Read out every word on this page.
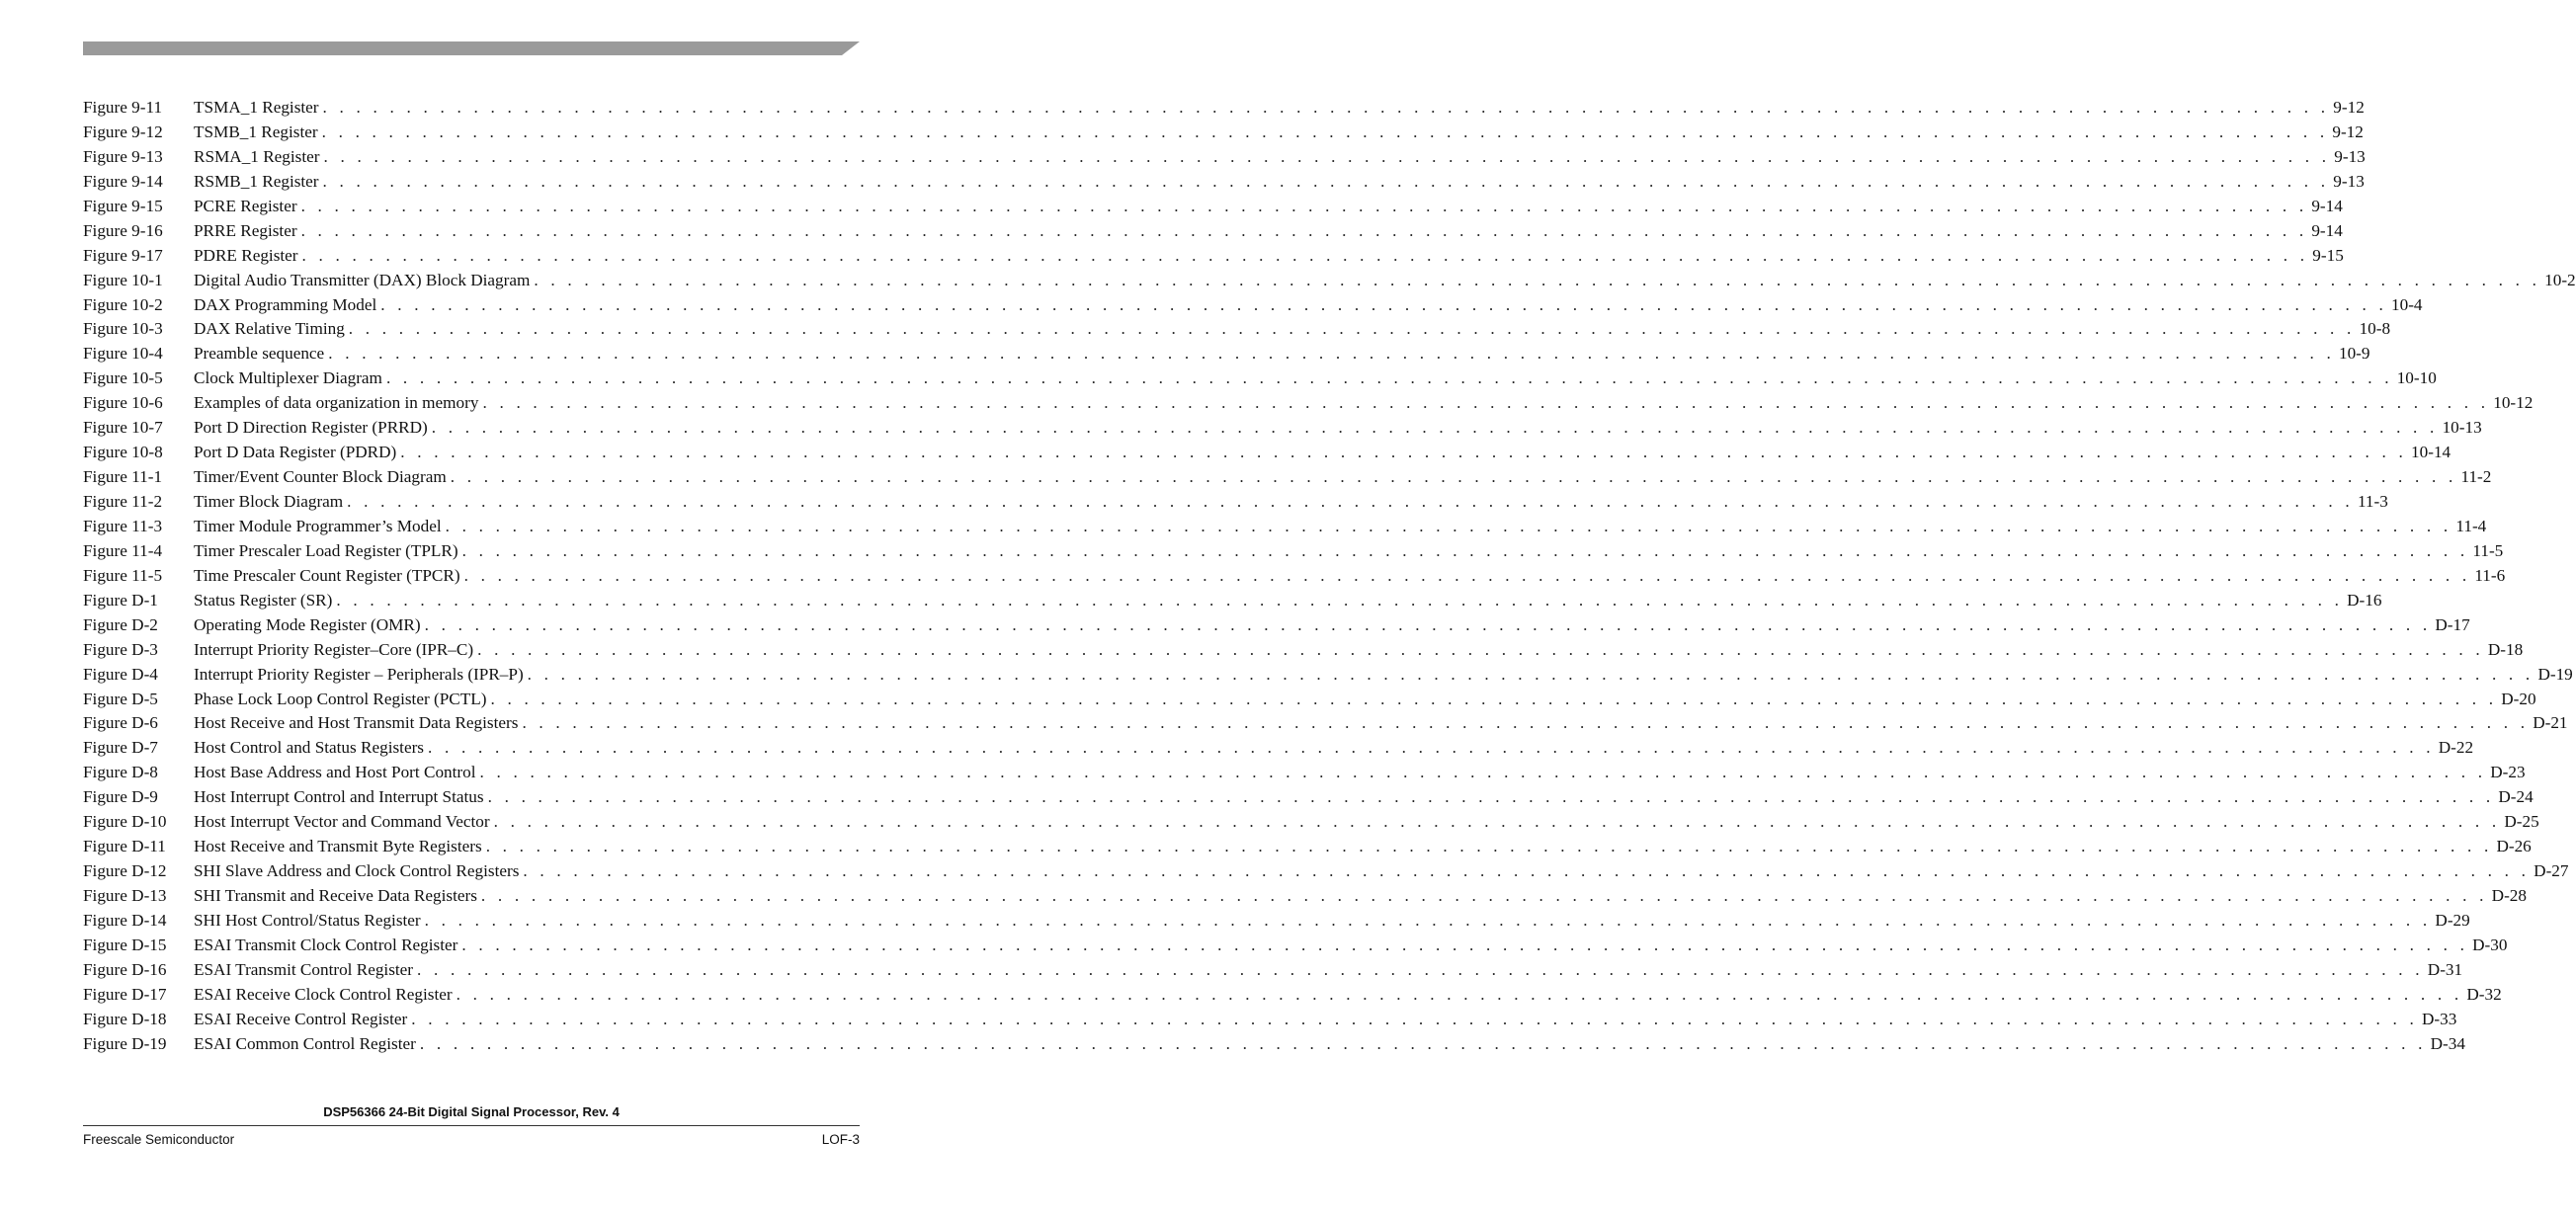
Figure 9-11	TSMA_1 Register . . . . . . . . . . . . . . . . . . . . . . . . . . . . . . . . . . . . . . . . . . . . . . . . . . . . . . . . . . . . . . . . . . . . . . . . . . . . . . . . . . . . . . . . . . . . . . . . . . . . . . . . . . . . . . . . . . . . . . . . 9-12
Figure 9-12	TSMB_1 Register . . . . . . . . . . . . . . . . . . . . . . . . . . . . . . . . . . . . . . . . . . . . . . . . . . . . . . . . . . . . . . . . . . . . . . . . . . . . . . . . . . . . . . . . . . . . . . . . . . . . . . . . . . . . . . . . . . . . . . . . 9-12
Figure 9-13	RSMA_1 Register . . . . . . . . . . . . . . . . . . . . . . . . . . . . . . . . . . . . . . . . . . . . . . . . . . . . . . . . . . . . . . . . . . . . . . . . . . . . . . . . . . . . . . . . . . . . . . . . . . . . . . . . . . . . . . . . . . . . . . . . 9-13
Figure 9-14	RSMB_1 Register . . . . . . . . . . . . . . . . . . . . . . . . . . . . . . . . . . . . . . . . . . . . . . . . . . . . . . . . . . . . . . . . . . . . . . . . . . . . . . . . . . . . . . . . . . . . . . . . . . . . . . . . . . . . . . . . . . . . . . . . 9-13
Figure 9-15	PCRE Register . . . . . . . . . . . . . . . . . . . . . . . . . . . . . . . . . . . . . . . . . . . . . . . . . . . . . . . . . . . . . . . . . . . . . . . . . . . . . . . . . . . . . . . . . . . . . . . . . . . . . . . . . . . . . . . . . . . . . . . . 9-14
Figure 9-16	PRRE Register . . . . . . . . . . . . . . . . . . . . . . . . . . . . . . . . . . . . . . . . . . . . . . . . . . . . . . . . . . . . . . . . . . . . . . . . . . . . . . . . . . . . . . . . . . . . . . . . . . . . . . . . . . . . . . . . . . . . . . . . 9-14
Figure 9-17	PDRE Register . . . . . . . . . . . . . . . . . . . . . . . . . . . . . . . . . . . . . . . . . . . . . . . . . . . . . . . . . . . . . . . . . . . . . . . . . . . . . . . . . . . . . . . . . . . . . . . . . . . . . . . . . . . . . . . . . . . . . . . . 9-15
Figure 10-1	Digital Audio Transmitter (DAX) Block Diagram . . . . . . . . . . . . . . . . . . . . . . . . . . . . . . . . . . . . . . . . . . . . . . . . . . . . . . . . . . . . . . . . . . . . . . . . . . . . . . . . . . . . . . . . . . . . . . . . . . . . . . . . . . . . . . . . . . . . . . . . 10-2
Figure 10-2	DAX Programming Model . . . . . . . . . . . . . . . . . . . . . . . . . . . . . . . . . . . . . . . . . . . . . . . . . . . . . . . . . . . . . . . . . . . . . . . . . . . . . . . . . . . . . . . . . . . . . . . . . . . . . . . . . . . . . . . . . . . . . . . . 10-4
Figure 10-3	DAX Relative Timing . . . . . . . . . . . . . . . . . . . . . . . . . . . . . . . . . . . . . . . . . . . . . . . . . . . . . . . . . . . . . . . . . . . . . . . . . . . . . . . . . . . . . . . . . . . . . . . . . . . . . . . . . . . . . . . . . . . . . . . . 10-8
Figure 10-4	Preamble sequence . . . . . . . . . . . . . . . . . . . . . . . . . . . . . . . . . . . . . . . . . . . . . . . . . . . . . . . . . . . . . . . . . . . . . . . . . . . . . . . . . . . . . . . . . . . . . . . . . . . . . . . . . . . . . . . . . . . . . . . . 10-9
Figure 10-5	Clock Multiplexer Diagram . . . . . . . . . . . . . . . . . . . . . . . . . . . . . . . . . . . . . . . . . . . . . . . . . . . . . . . . . . . . . . . . . . . . . . . . . . . . . . . . . . . . . . . . . . . . . . . . . . . . . . . . . . . . . . . . . . . . . . . . 10-10
Figure 10-6	Examples of data organization in memory . . . . . . . . . . . . . . . . . . . . . . . . . . . . . . . . . . . . . . . . . . . . . . . . . . . . . . . . . . . . . . . . . . . . . . . . . . . . . . . . . . . . . . . . . . . . . . . . . . . . . . . . . . . . . . . . . . . . . . . . 10-12
Figure 10-7	Port D Direction Register (PRRD) . . . . . . . . . . . . . . . . . . . . . . . . . . . . . . . . . . . . . . . . . . . . . . . . . . . . . . . . . . . . . . . . . . . . . . . . . . . . . . . . . . . . . . . . . . . . . . . . . . . . . . . . . . . . . . . . . . . . . . . . 10-13
Figure 10-8	Port D Data Register (PDRD) . . . . . . . . . . . . . . . . . . . . . . . . . . . . . . . . . . . . . . . . . . . . . . . . . . . . . . . . . . . . . . . . . . . . . . . . . . . . . . . . . . . . . . . . . . . . . . . . . . . . . . . . . . . . . . . . . . . . . . . . 10-14
Figure 11-1	Timer/Event Counter Block Diagram . . . . . . . . . . . . . . . . . . . . . . . . . . . . . . . . . . . . . . . . . . . . . . . . . . . . . . . . . . . . . . . . . . . . . . . . . . . . . . . . . . . . . . . . . . . . . . . . . . . . . . . . . . . . . . . . . . . . . . . . 11-2
Figure 11-2	Timer Block Diagram . . . . . . . . . . . . . . . . . . . . . . . . . . . . . . . . . . . . . . . . . . . . . . . . . . . . . . . . . . . . . . . . . . . . . . . . . . . . . . . . . . . . . . . . . . . . . . . . . . . . . . . . . . . . . . . . . . . . . . . . 11-3
Figure 11-3	Timer Module Programmer’s Model . . . . . . . . . . . . . . . . . . . . . . . . . . . . . . . . . . . . . . . . . . . . . . . . . . . . . . . . . . . . . . . . . . . . . . . . . . . . . . . . . . . . . . . . . . . . . . . . . . . . . . . . . . . . . . . . . . . . . . . . 11-4
Figure 11-4	Timer Prescaler Load Register (TPLR) . . . . . . . . . . . . . . . . . . . . . . . . . . . . . . . . . . . . . . . . . . . . . . . . . . . . . . . . . . . . . . . . . . . . . . . . . . . . . . . . . . . . . . . . . . . . . . . . . . . . . . . . . . . . . . . . . . . . . . . . 11-5
Figure 11-5	Time Prescaler Count Register (TPCR) . . . . . . . . . . . . . . . . . . . . . . . . . . . . . . . . . . . . . . . . . . . . . . . . . . . . . . . . . . . . . . . . . . . . . . . . . . . . . . . . . . . . . . . . . . . . . . . . . . . . . . . . . . . . . . . . . . . . . . . . 11-6
Figure D-1	Status Register (SR) . . . . . . . . . . . . . . . . . . . . . . . . . . . . . . . . . . . . . . . . . . . . . . . . . . . . . . . . . . . . . . . . . . . . . . . . . . . . . . . . . . . . . . . . . . . . . . . . . . . . . . . . . . . . . . . . . . . . . . . . D-16
Figure D-2	Operating Mode Register (OMR) . . . . . . . . . . . . . . . . . . . . . . . . . . . . . . . . . . . . . . . . . . . . . . . . . . . . . . . . . . . . . . . . . . . . . . . . . . . . . . . . . . . . . . . . . . . . . . . . . . . . . . . . . . . . . . . . . . . . . . . . D-17
Figure D-3	Interrupt Priority Register–Core (IPR–C) . . . . . . . . . . . . . . . . . . . . . . . . . . . . . . . . . . . . . . . . . . . . . . . . . . . . . . . . . . . . . . . . . . . . . . . . . . . . . . . . . . . . . . . . . . . . . . . . . . . . . . . . . . . . . . . . . . . . . . . . D-18
Figure D-4	Interrupt Priority Register – Peripherals (IPR–P) . . . . . . . . . . . . . . . . . . . . . . . . . . . . . . . . . . . . . . . . . . . . . . . . . . . . . . . . . . . . . . . . . . . . . . . . . . . . . . . . . . . . . . . . . . . . . . . . . . . . . . . . . . . . . . . . . . . . . . . . D-19
Figure D-5	Phase Lock Loop Control Register (PCTL) . . . . . . . . . . . . . . . . . . . . . . . . . . . . . . . . . . . . . . . . . . . . . . . . . . . . . . . . . . . . . . . . . . . . . . . . . . . . . . . . . . . . . . . . . . . . . . . . . . . . . . . . . . . . . . . . . . . . . . . . D-20
Figure D-6	Host Receive and Host Transmit Data Registers . . . . . . . . . . . . . . . . . . . . . . . . . . . . . . . . . . . . . . . . . . . . . . . . . . . . . . . . . . . . . . . . . . . . . . . . . . . . . . . . . . . . . . . . . . . . . . . . . . . . . . . . . . . . . . . . . . . . . . . . D-21
Figure D-7	Host Control and Status Registers . . . . . . . . . . . . . . . . . . . . . . . . . . . . . . . . . . . . . . . . . . . . . . . . . . . . . . . . . . . . . . . . . . . . . . . . . . . . . . . . . . . . . . . . . . . . . . . . . . . . . . . . . . . . . . . . . . . . . . . . D-22
Figure D-8	Host Base Address and Host Port Control . . . . . . . . . . . . . . . . . . . . . . . . . . . . . . . . . . . . . . . . . . . . . . . . . . . . . . . . . . . . . . . . . . . . . . . . . . . . . . . . . . . . . . . . . . . . . . . . . . . . . . . . . . . . . . . . . . . . . . . . D-23
Figure D-9	Host Interrupt Control and Interrupt Status . . . . . . . . . . . . . . . . . . . . . . . . . . . . . . . . . . . . . . . . . . . . . . . . . . . . . . . . . . . . . . . . . . . . . . . . . . . . . . . . . . . . . . . . . . . . . . . . . . . . . . . . . . . . . . . . . . . . . . . . D-24
Figure D-10	Host Interrupt Vector and Command Vector . . . . . . . . . . . . . . . . . . . . . . . . . . . . . . . . . . . . . . . . . . . . . . . . . . . . . . . . . . . . . . . . . . . . . . . . . . . . . . . . . . . . . . . . . . . . . . . . . . . . . . . . . . . . . . . . . . . . . . . . D-25
Figure D-11	Host Receive and Transmit Byte Registers . . . . . . . . . . . . . . . . . . . . . . . . . . . . . . . . . . . . . . . . . . . . . . . . . . . . . . . . . . . . . . . . . . . . . . . . . . . . . . . . . . . . . . . . . . . . . . . . . . . . . . . . . . . . . . . . . . . . . . . . D-26
Figure D-12	SHI Slave Address and Clock Control Registers . . . . . . . . . . . . . . . . . . . . . . . . . . . . . . . . . . . . . . . . . . . . . . . . . . . . . . . . . . . . . . . . . . . . . . . . . . . . . . . . . . . . . . . . . . . . . . . . . . . . . . . . . . . . . . . . . . . . . . . . D-27
Figure D-13	SHI Transmit and Receive Data Registers . . . . . . . . . . . . . . . . . . . . . . . . . . . . . . . . . . . . . . . . . . . . . . . . . . . . . . . . . . . . . . . . . . . . . . . . . . . . . . . . . . . . . . . . . . . . . . . . . . . . . . . . . . . . . . . . . . . . . . . . D-28
Figure D-14	SHI Host Control/Status Register . . . . . . . . . . . . . . . . . . . . . . . . . . . . . . . . . . . . . . . . . . . . . . . . . . . . . . . . . . . . . . . . . . . . . . . . . . . . . . . . . . . . . . . . . . . . . . . . . . . . . . . . . . . . . . . . . . . . . . . . D-29
Figure D-15	ESAI Transmit Clock Control Register . . . . . . . . . . . . . . . . . . . . . . . . . . . . . . . . . . . . . . . . . . . . . . . . . . . . . . . . . . . . . . . . . . . . . . . . . . . . . . . . . . . . . . . . . . . . . . . . . . . . . . . . . . . . . . . . . . . . . . . . D-30
Figure D-16	ESAI Transmit Control Register . . . . . . . . . . . . . . . . . . . . . . . . . . . . . . . . . . . . . . . . . . . . . . . . . . . . . . . . . . . . . . . . . . . . . . . . . . . . . . . . . . . . . . . . . . . . . . . . . . . . . . . . . . . . . . . . . . . . . . . . D-31
Figure D-17	ESAI Receive Clock Control Register . . . . . . . . . . . . . . . . . . . . . . . . . . . . . . . . . . . . . . . . . . . . . . . . . . . . . . . . . . . . . . . . . . . . . . . . . . . . . . . . . . . . . . . . . . . . . . . . . . . . . . . . . . . . . . . . . . . . . . . . D-32
Figure D-18	ESAI Receive Control Register . . . . . . . . . . . . . . . . . . . . . . . . . . . . . . . . . . . . . . . . . . . . . . . . . . . . . . . . . . . . . . . . . . . . . . . . . . . . . . . . . . . . . . . . . . . . . . . . . . . . . . . . . . . . . . . . . . . . . . . . D-33
Figure D-19	ESAI Common Control Register . . . . . . . . . . . . . . . . . . . . . . . . . . . . . . . . . . . . . . . . . . . . . . . . . . . . . . . . . . . . . . . . . . . . . . . . . . . . . . . . . . . . . . . . . . . . . . . . . . . . . . . . . . . . . . . . . . . . . . . . D-34
DSP56366 24-Bit Digital Signal Processor, Rev. 4
Freescale Semiconductor	LOF-3
